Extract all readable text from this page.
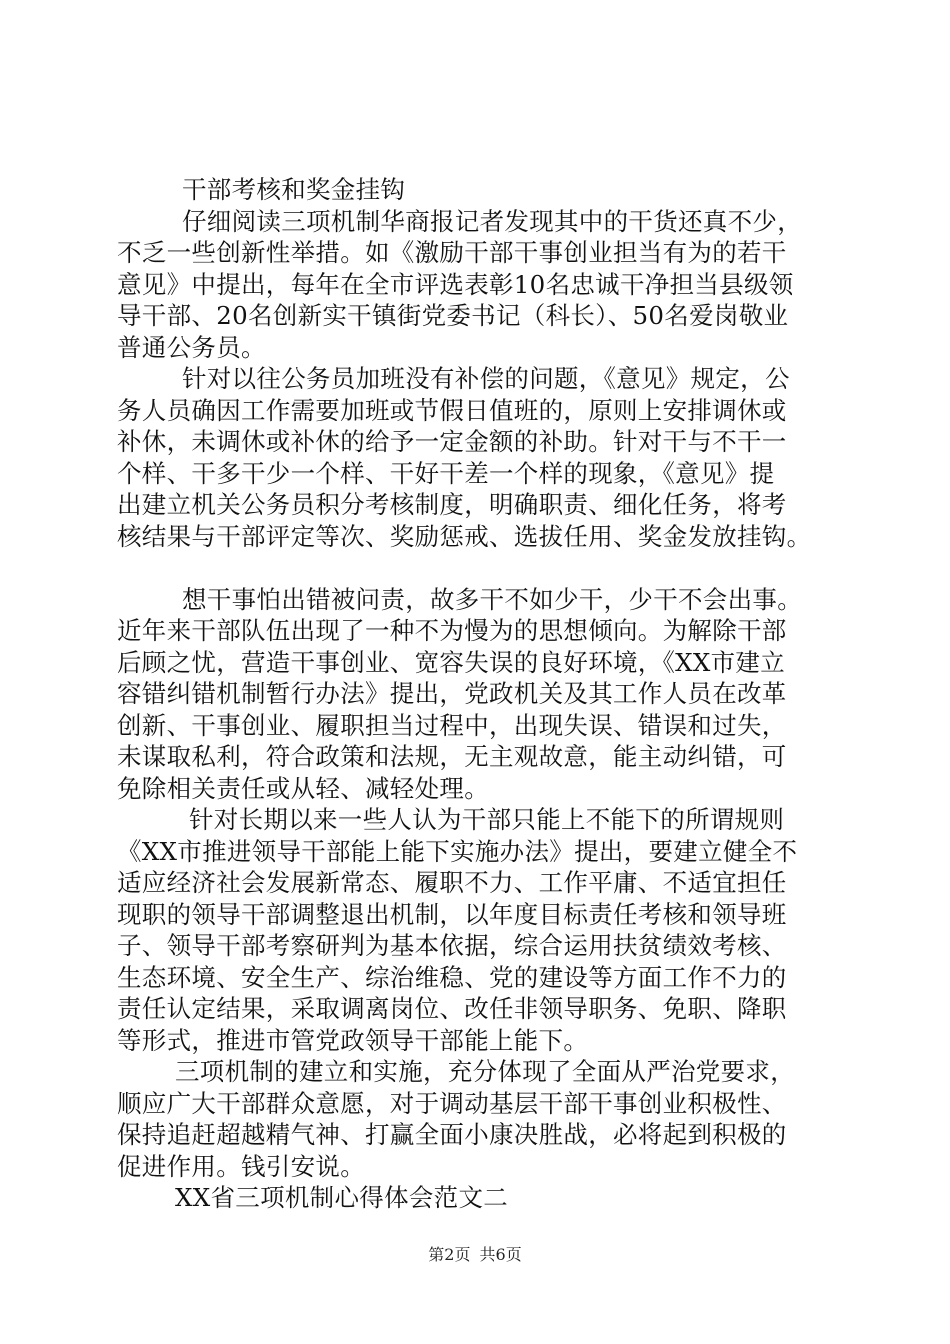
干部考核和奖金挂钩
仔细阅读三项机制华商报记者发现其中的干货还真不少，
不乏一些创新性举措。如《激励干部干事创业担当有为的若干
意见》中提出，每年在全市评选表彰10名忠诚干净担当县级领
导干部、20名创新实干镇街党委书记（科长）、50名爱岗敬业
普通公务员。
针对以往公务员加班没有补偿的问题，《意见》规定，公
务人员确因工作需要加班或节假日值班的，原则上安排调休或
补休，未调休或补休的给予一定金额的补助。针对干与不干一
个样、干多干少一个样、干好干差一个样的现象，《意见》提
出建立机关公务员积分考核制度，明确职责、细化任务，将考
核结果与干部评定等次、奖励惩戒、选拔任用、奖金发放挂钩。
想干事怕出错被问责，故多干不如少干，少干不会出事。
近年来干部队伍出现了一种不为慢为的思想倾向。为解除干部
后顾之忧，营造干事创业、宽容失误的良好环境，《XX市建立
容错纠错机制暂行办法》提出，党政机关及其工作人员在改革
创新、干事创业、履职担当过程中，出现失误、错误和过失，
未谋取私利，符合政策和法规，无主观故意，能主动纠错，可
免除相关责任或从轻、减轻处理。
针对长期以来一些人认为干部只能上不能下的所谓规则
《XX市推进领导干部能上能下实施办法》提出，要建立健全不
适应经济社会发展新常态、履职不力、工作平庸、不适宜担任
现职的领导干部调整退出机制，以年度目标责任考核和领导班
子、领导干部考察研判为基本依据，综合运用扶贫绩效考核、
生态环境、安全生产、综治维稳、党的建设等方面工作不力的
责任认定结果，采取调离岗位、改任非领导职务、免职、降职
等形式，推进市管党政领导干部能上能下。
三项机制的建立和实施，充分体现了全面从严治党要求，
顺应广大干部群众意愿，对于调动基层干部干事创业积极性、
保持追赶超越精气神、打赢全面小康决胜战，必将起到积极的
促进作用。钱引安说。
XX省三项机制心得体会范文二
第2页 共6页
